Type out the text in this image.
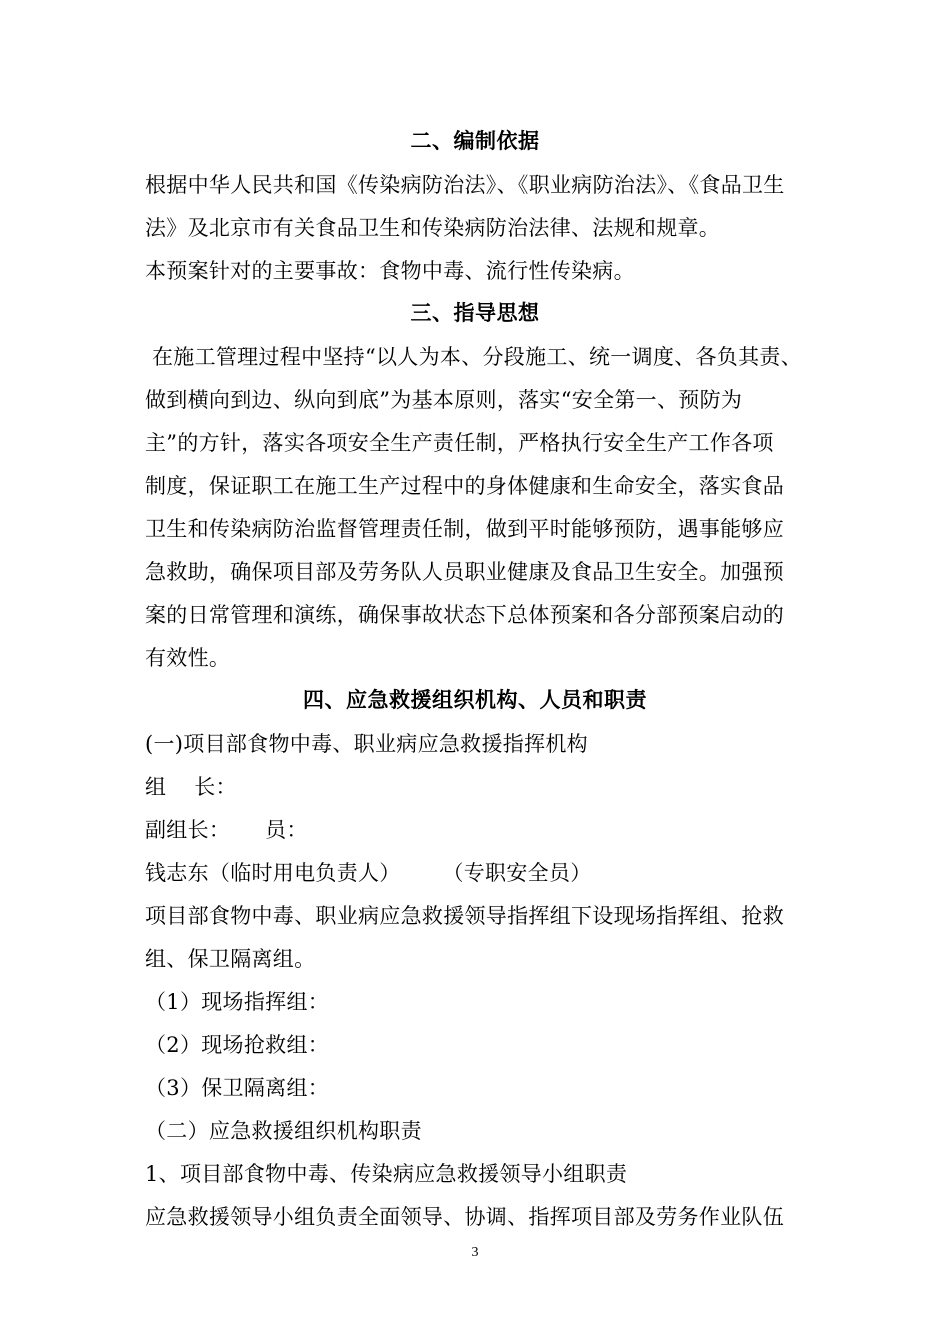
二、编制依据
根据中华人民共和国《传染病防治法》、《职业病防治法》、《食品卫生
法》及北京市有关食品卫生和传染病防治法律、法规和规章。
本预案针对的主要事故：食物中毒、流行性传染病。
三、指导思想
在施工管理过程中坚持“以人为本、分段施工、统一调度、各负其责、
做到横向到边、纵向到底”为基本原则，落实“安全第一、预防为
主”的方针，落实各项安全生产责任制，严格执行安全生产工作各项
制度，保证职工在施工生产过程中的身体健康和生命安全，落实食品
卫生和传染病防治监督管理责任制，做到平时能够预防，遇事能够应
急救助，确保项目部及劳务队人员职业健康及食品卫生安全。加强预
案的日常管理和演练，确保事故状态下总体预案和各分部预案启动的
有效性。
四、应急救援组织机构、人员和职责
(一)项目部食物中毒、职业病应急救援指挥机构
组    长：
副组长：     员：
钱志东（临时用电负责人）      （专职安全员）
项目部食物中毒、职业病应急救援领导指挥组下设现场指挥组、抢救
组、保卫隔离组。
（1）现场指挥组：
（2）现场抢救组：
（3）保卫隔离组：
（二）应急救援组织机构职责
1、项目部食物中毒、传染病应急救援领导小组职责
应急救援领导小组负责全面领导、协调、指挥项目部及劳务作业队伍
3
